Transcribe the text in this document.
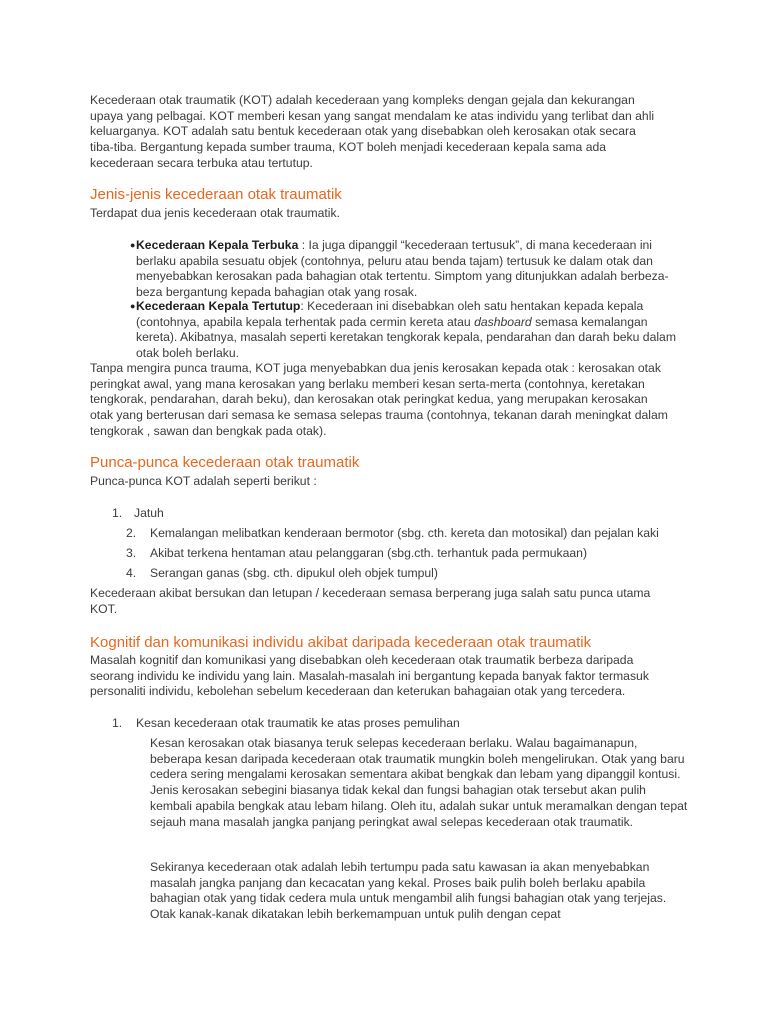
Kecederaan otak traumatik (KOT) adalah kecederaan yang kompleks dengan gejala dan kekurangan upaya yang pelbagai. KOT memberi kesan yang sangat mendalam ke atas individu yang terlibat dan ahli keluarganya. KOT adalah satu bentuk kecederaan otak yang disebabkan oleh kerosakan otak secara tiba-tiba. Bergantung kepada sumber trauma, KOT boleh menjadi kecederaan kepala sama ada kecederaan secara terbuka atau tertutup.

Jenis-jenis kecederaan otak traumatik

Terdapat dua jenis kecederaan otak traumatik.

● Kecederaan Kepala Terbuka : Ia juga dipanggil “kecederaan tertusuk”, di mana kecederaan ini berlaku apabila sesuatu objek (contohnya, peluru atau benda tajam) tertusuk ke dalam otak dan menyebabkan kerosakan pada bahagian otak tertentu. Simptom yang ditunjukkan adalah berbeza-beza bergantung kepada bahagian otak yang rosak.

● Kecederaan Kepala Tertutup: Kecederaan ini disebabkan oleh satu hentakan kepada kepala (contohnya, apabila kepala terhentak pada cermin kereta atau dashboard semasa kemalangan kereta). Akibatnya, masalah seperti keretakan tengkorak kepala, pendarahan dan darah beku dalam otak boleh berlaku.

Tanpa mengira punca trauma, KOT juga menyebabkan dua jenis kerosakan kepada otak : kerosakan otak peringkat awal, yang mana kerosakan yang berlaku memberi kesan serta-merta (contohnya, keretakan tengkorak, pendarahan, darah beku), dan kerosakan otak peringkat kedua, yang merupakan kerosakan otak yang berterusan dari semasa ke semasa selepas trauma (contohnya, tekanan darah meningkat dalam tengkorak , sawan dan bengkak pada otak).

Punca-punca kecederaan otak traumatik

Punca-punca KOT adalah seperti berikut :

1. Jatuh
2. Kemalangan melibatkan kenderaan bermotor (sbg. cth. kereta dan motosikal) dan pejalan kaki
3. Akibat terkena hentaman atau pelanggaran (sbg.cth. terhantuk pada permukaan)
4. Serangan ganas (sbg. cth. dipukul oleh objek tumpul)

Kecederaan akibat bersukan dan letupan / kecederaan semasa berperang juga salah satu punca utama KOT.

Kognitif dan komunikasi individu akibat daripada kecederaan otak traumatik

Masalah kognitif dan komunikasi yang disebabkan oleh kecederaan otak traumatik berbeza daripada seorang individu ke individu yang lain. Masalah-masalah ini bergantung kepada banyak faktor termasuk personaliti individu, kebolehan sebelum kecederaan dan keterukan bahagaian otak yang tercedera.

1. Kesan kecederaan otak traumatik ke atas proses pemulihan

Kesan kerosakan otak biasanya teruk selepas kecederaan berlaku. Walau bagaimanapun, beberapa kesan daripada kecederaan otak traumatik mungkin boleh mengelirukan. Otak yang baru cedera sering mengalami kerosakan sementara akibat bengkak dan lebam yang dipanggil kontusi. Jenis kerosakan sebegini biasanya tidak kekal dan fungsi bahagian otak tersebut akan pulih kembali apabila bengkak atau lebam hilang. Oleh itu, adalah sukar untuk meramalkan dengan tepat sejauh mana masalah jangka panjang peringkat awal selepas kecederaan otak traumatik.

Sekiranya kecederaan otak adalah lebih tertumpu pada satu kawasan ia akan menyebabkan masalah jangka panjang dan kecacatan yang kekal. Proses baik pulih boleh berlaku apabila bahagian otak yang tidak cedera mula untuk mengambil alih fungsi bahagian otak yang terjejas. Otak kanak-kanak dikatakan lebih berkemampuan untuk pulih dengan cepat
